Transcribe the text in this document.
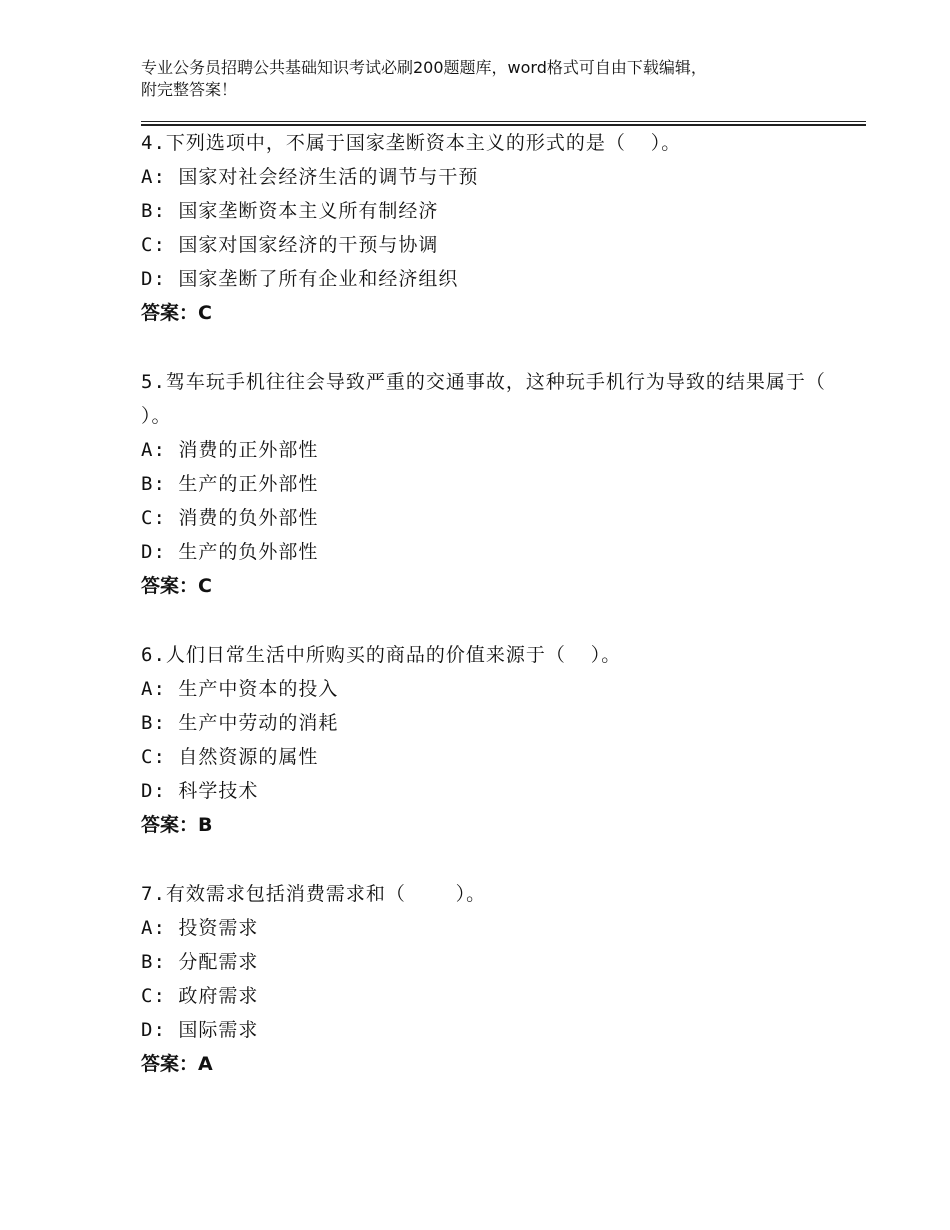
专业公务员招聘公共基础知识考试必刷200题题库，word格式可自由下载编辑，
附完整答案！
4.下列选项中，不属于国家垄断资本主义的形式的是（  ）。
A: 国家对社会经济生活的调节与干预
B: 国家垄断资本主义所有制经济
C: 国家对国家经济的干预与协调
D: 国家垄断了所有企业和经济组织
答案：C
5.驾车玩手机往往会导致严重的交通事故，这种玩手机行为导致的结果属于（    ）。
A: 消费的正外部性
B: 生产的正外部性
C: 消费的负外部性
D: 生产的负外部性
答案：C
6.人们日常生活中所购买的商品的价值来源于（  ）。
A: 生产中资本的投入
B: 生产中劳动的消耗
C: 自然资源的属性
D: 科学技术
答案：B
7.有效需求包括消费需求和（    ）。
A: 投资需求
B: 分配需求
C: 政府需求
D: 国际需求
答案：A
